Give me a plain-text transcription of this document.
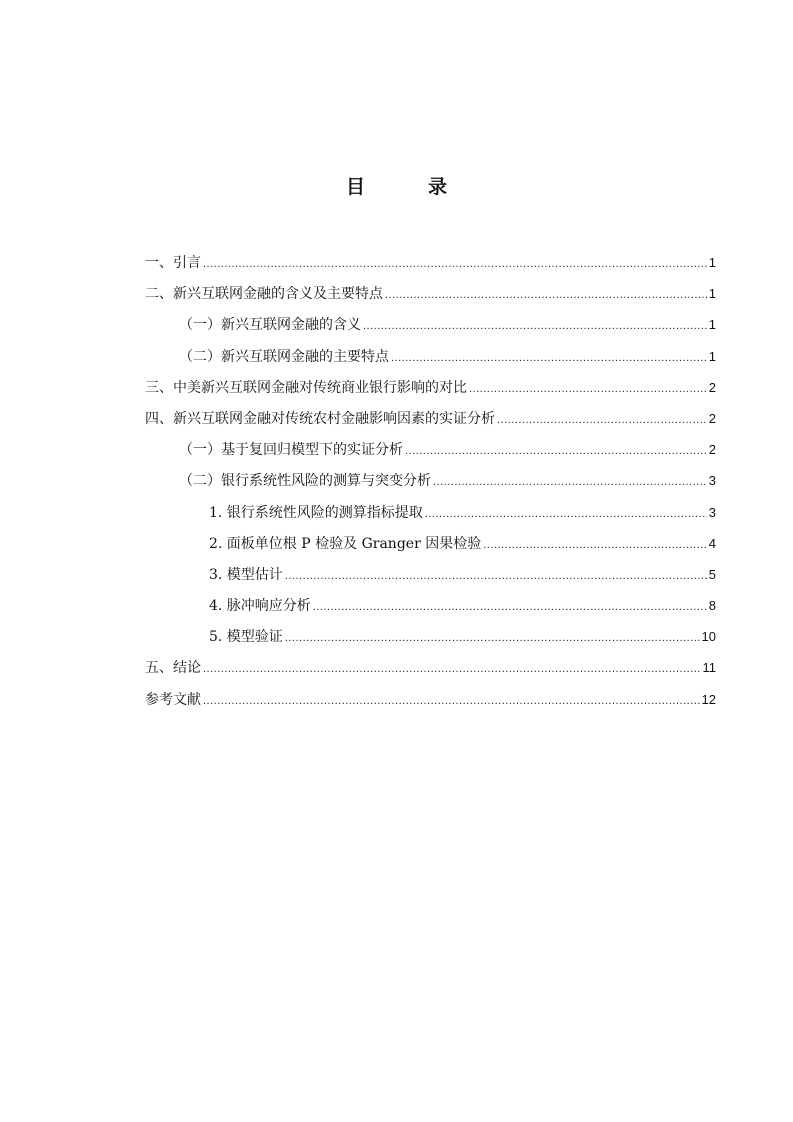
目　录
一、引言 .....	1
二、新兴互联网金融的含义及主要特点 .....	1
（一）新兴互联网金融的含义 .....	1
（二）新兴互联网金融的主要特点 .....	1
三、中美新兴互联网金融对传统商业银行影响的对比 .....	2
四、新兴互联网金融对传统农村金融影响因素的实证分析 .....	2
（一）基于复回归模型下的实证分析 .....	2
（二）银行系统性风险的测算与突变分析 .....	3
1. 银行系统性风险的测算指标提取 .....	3
2. 面板单位根 P 检验及 Granger 因果检验 .....	4
3. 模型估计 .....	5
4. 脉冲响应分析 .....	8
5. 模型验证 .....	10
五、结论 .....	11
参考文献 .....	12
